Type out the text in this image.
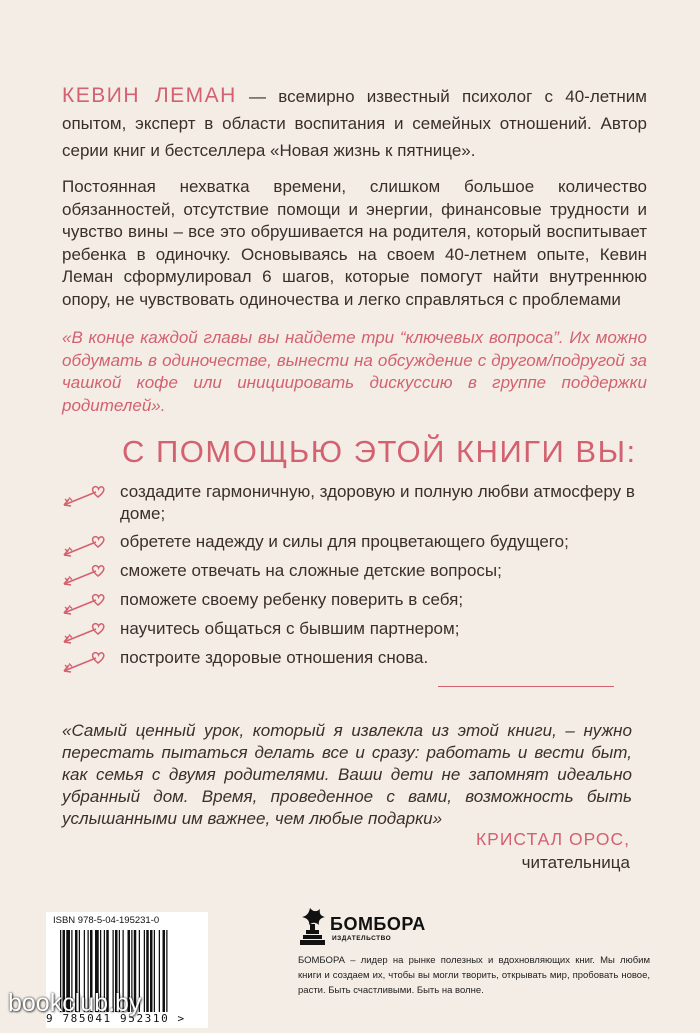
КЕВИН ЛЕМАН — всемирно известный психолог с 40-летним опытом, эксперт в области воспитания и семейных отношений. Автор серии книг и бестселлера «Новая жизнь к пятнице».
Постоянная нехватка времени, слишком большое количество обязанностей, отсутствие помощи и энергии, финансовые трудности и чувство вины – все это обрушивается на родителя, который воспитывает ребенка в одиночку. Основываясь на своем 40-летнем опыте, Кевин Леман сформулировал 6 шагов, которые помогут найти внутреннюю опору, не чувствовать одиночества и легко справляться с проблемами
«В конце каждой главы вы найдете три “ключевых вопроса”. Их можно обдумать в одиночестве, вынести на обсуждение с другом/подругой за чашкой кофе или инициировать дискуссию в группе поддержки родителей».
С ПОМОЩЬЮ ЭТОЙ КНИГИ ВЫ:
создадите гармоничную, здоровую и полную любви атмосферу в доме;
обретете надежду и силы для процветающего будущего;
сможете отвечать на сложные детские вопросы;
поможете своему ребенку поверить в себя;
научитесь общаться с бывшим партнером;
построите здоровые отношения снова.
«Самый ценный урок, который я извлекла из этой книги, – нужно перестать пытаться делать все и сразу: работать и вести быт, как семья с двумя родителями. Ваши дети не запомнят идеально убранный дом. Время, проведенное с вами, возможность быть услышанными им важнее, чем любые подарки»
КРИСТАЛ ОРОС,
читательница
ISBN 978-5-04-195231-0
9 785041 952310 >
БОМБОРА
ИЗДАТЕЛЬСТВО
БОМБОРА – лидер на рынке полезных и вдохновляющих книг. Мы любим книги и создаем их, чтобы вы могли творить, открывать мир, пробовать новое, расти. Быть счастливыми. Быть на волне.
bookclub.by
